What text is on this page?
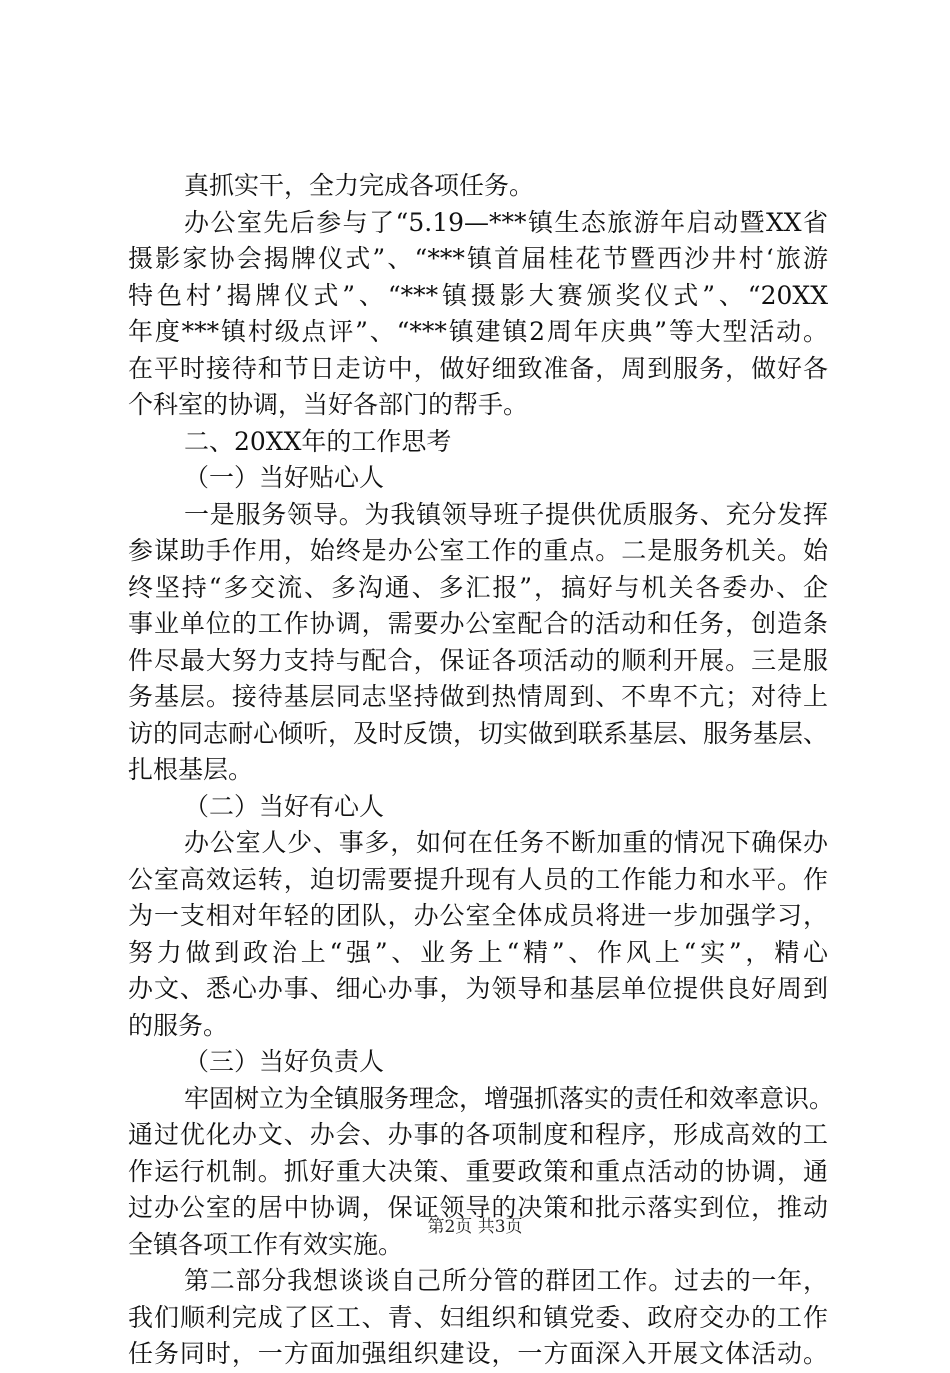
真抓实干，全力完成各项任务。
办公室先后参与了“5.19—***镇生态旅游年启动暨XX省
摄影家协会揭牌仪式”、“***镇首届桂花节暨西沙井村‘旅游
特色村’揭牌仪式”、“***镇摄影大赛颁奖仪式”、“20XX
年度***镇村级点评”、“***镇建镇2周年庆典”等大型活动。
在平时接待和节日走访中，做好细致准备，周到服务，做好各
个科室的协调，当好各部门的帮手。
二、20XX年的工作思考
（一）当好贴心人
一是服务领导。为我镇领导班子提供优质服务、充分发挥
参谋助手作用，始终是办公室工作的重点。二是服务机关。始
终坚持“多交流、多沟通、多汇报”，搞好与机关各委办、企
事业单位的工作协调，需要办公室配合的活动和任务，创造条
件尽最大努力支持与配合，保证各项活动的顺利开展。三是服
务基层。接待基层同志坚持做到热情周到、不卑不亢；对待上
访的同志耐心倾听，及时反馈，切实做到联系基层、服务基层、
扎根基层。
（二）当好有心人
办公室人少、事多，如何在任务不断加重的情况下确保办
公室高效运转，迫切需要提升现有人员的工作能力和水平。作
为一支相对年轻的团队，办公室全体成员将进一步加强学习，
努力做到政治上“强”、业务上“精”、作风上“实”，精心
办文、悉心办事、细心办事，为领导和基层单位提供良好周到
的服务。
（三）当好负责人
牢固树立为全镇服务理念，增强抓落实的责任和效率意识。
通过优化办文、办会、办事的各项制度和程序，形成高效的工
作运行机制。抓好重大决策、重要政策和重点活动的协调，通
过办公室的居中协调，保证领导的决策和批示落实到位，推动
全镇各项工作有效实施。
第二部分我想谈谈自己所分管的群团工作。过去的一年，
我们顺利完成了区工、青、妇组织和镇党委、政府交办的工作
任务同时，一方面加强组织建设，一方面深入开展文体活动。
第2页 共3页
